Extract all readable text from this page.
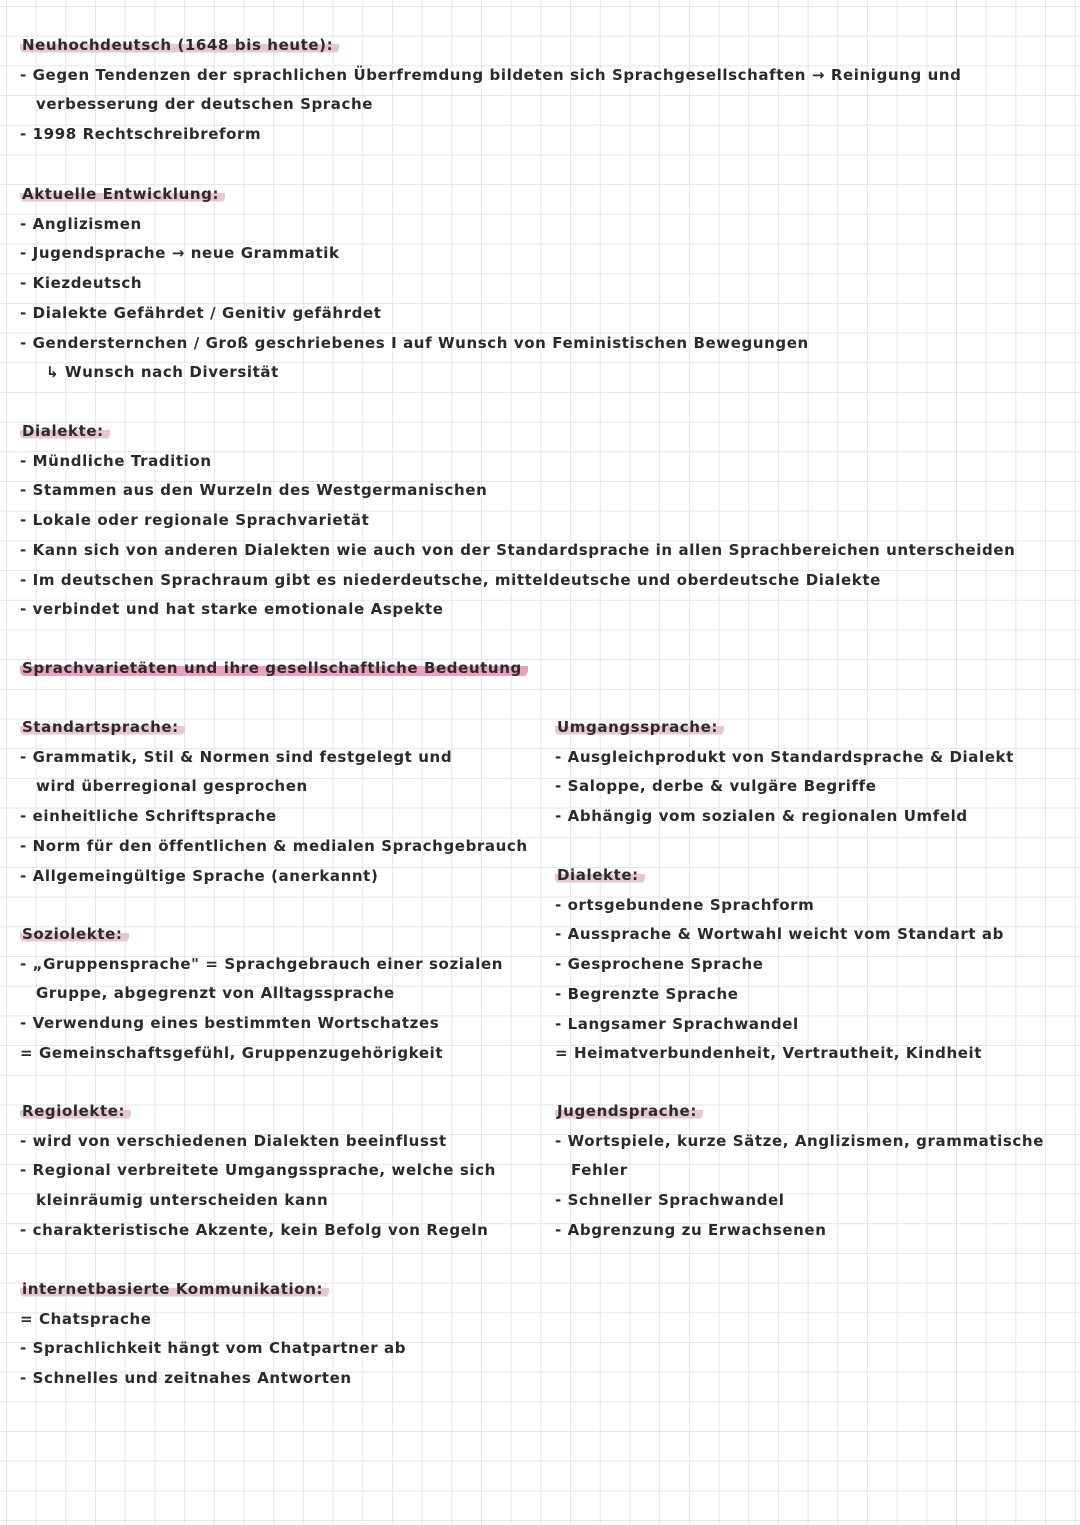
Neuhochdeutsch (1648 bis heute):
- Gegen Tendenzen der sprachlichen Überfremdung bildeten sich Sprachgesellschaften → Reinigung und
verbesserung der deutschen Sprache
- 1998 Rechtschreibreform
Aktuelle Entwicklung:
- Anglizismen
- Jugendsprache → neue Grammatik
- Kiezdeutsch
- Dialekte Gefährdet / Genitiv gefährdet
- Gendersternchen / Groß geschriebenes I auf Wunsch von Feministischen Bewegungen
↳ Wunsch nach Diversität
Dialekte:
- Mündliche Tradition
- Stammen aus den Wurzeln des Westgermanischen
- Lokale oder regionale Sprachvarietät
- Kann sich von anderen Dialekten wie auch von der Standardsprache in allen Sprachbereichen unterscheiden
- Im deutschen Sprachraum gibt es niederdeutsche, mitteldeutsche und oberdeutsche Dialekte
- verbindet und hat starke emotionale Aspekte
Sprachvarietäten und ihre gesellschaftliche Bedeutung
Standartsprache:
- Grammatik, Stil & Normen sind festgelegt und
wird überregional gesprochen
- einheitliche Schriftsprache
- Norm für den öffentlichen & medialen Sprachgebrauch
- Allgemeingültige Sprache (anerkannt)
Umgangssprache:
- Ausgleichprodukt von Standardsprache & Dialekt
- Saloppe, derbe & vulgäre Begriffe
- Abhängig vom sozialen & regionalen Umfeld
Dialekte:
- ortsgebundene Sprachform
- Aussprache & Wortwahl weicht vom Standart ab
- Gesprochene Sprache
- Begrenzte Sprache
- Langsamer Sprachwandel
= Heimatverbundenheit, Vertrautheit, Kindheit
Soziolekte:
- „Gruppensprache" = Sprachgebrauch einer sozialen
Gruppe, abgegrenzt von Alltagssprache
- Verwendung eines bestimmten Wortschatzes
= Gemeinschaftsgefühl, Gruppenzugehörigkeit
Regiolekte:
- wird von verschiedenen Dialekten beeinflusst
- Regional verbreitete Umgangssprache, welche sich
kleinräumig unterscheiden kann
- charakteristische Akzente, kein Befolg von Regeln
Jugendsprache:
- Wortspiele, kurze Sätze, Anglizismen, grammatische
Fehler
- Schneller Sprachwandel
- Abgrenzung zu Erwachsenen
internetbasierte Kommunikation:
= Chatsprache
- Sprachlichkeit hängt vom Chatpartner ab
- Schnelles und zeitnahes Antworten
